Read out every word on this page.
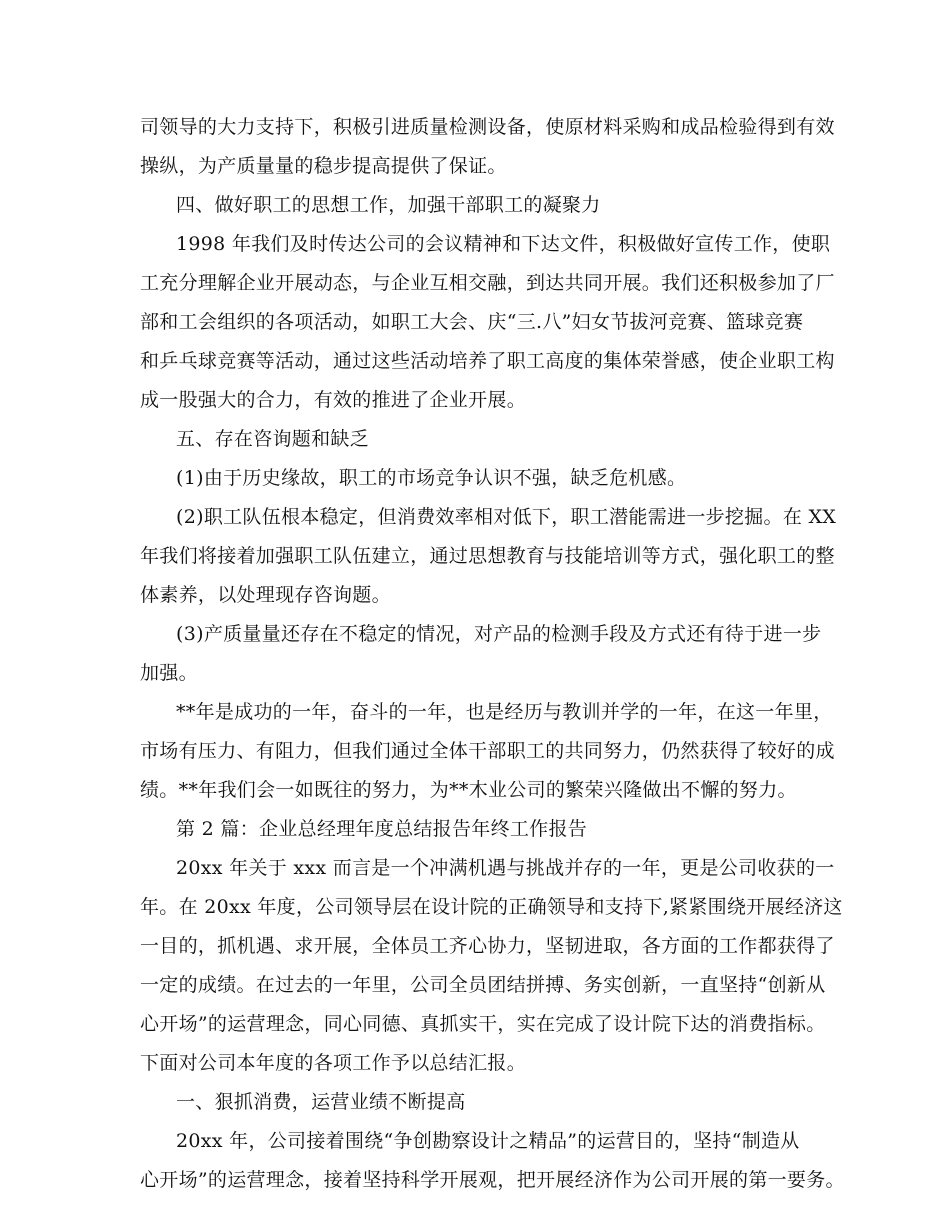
司领导的大力支持下，积极引进质量检测设备，使原材料采购和成品检验得到有效
操纵，为产质量量的稳步提高提供了保证。
四、做好职工的思想工作，加强干部职工的凝聚力
1998 年我们及时传达公司的会议精神和下达文件，积极做好宣传工作，使职
工充分理解企业开展动态，与企业互相交融，到达共同开展。我们还积极参加了厂
部和工会组织的各项活动，如职工大会、庆“三.八”妇女节拔河竞赛、篮球竞赛
和乒乓球竞赛等活动，通过这些活动培养了职工高度的集体荣誉感，使企业职工构
成一股强大的合力，有效的推进了企业开展。
五、存在咨询题和缺乏
(1)由于历史缘故，职工的市场竞争认识不强，缺乏危机感。
(2)职工队伍根本稳定，但消费效率相对低下，职工潜能需进一步挖掘。在 XX
年我们将接着加强职工队伍建立，通过思想教育与技能培训等方式，强化职工的整
体素养，以处理现存咨询题。
(3)产质量量还存在不稳定的情况，对产品的检测手段及方式还有待于进一步
加强。
**年是成功的一年，奋斗的一年，也是经历与教训并学的一年，在这一年里，
市场有压力、有阻力，但我们通过全体干部职工的共同努力，仍然获得了较好的成
绩。**年我们会一如既往的努力，为**木业公司的繁荣兴隆做出不懈的努力。
第 2 篇：企业总经理年度总结报告年终工作报告
20xx 年关于 xxx 而言是一个冲满机遇与挑战并存的一年，更是公司收获的一
年。在 20xx 年度，公司领导层在设计院的正确领导和支持下,紧紧围绕开展经济这
一目的，抓机遇、求开展，全体员工齐心协力，坚韧进取，各方面的工作都获得了
一定的成绩。在过去的一年里，公司全员团结拼搏、务实创新，一直坚持“创新从
心开场”的运营理念，同心同德、真抓实干，实在完成了设计院下达的消费指标。
下面对公司本年度的各项工作予以总结汇报。
一、狠抓消费，运营业绩不断提高
20xx 年，公司接着围绕“争创勘察设计之精品”的运营目的，坚持“制造从
心开场”的运营理念，接着坚持科学开展观，把开展经济作为公司开展的第一要务。
